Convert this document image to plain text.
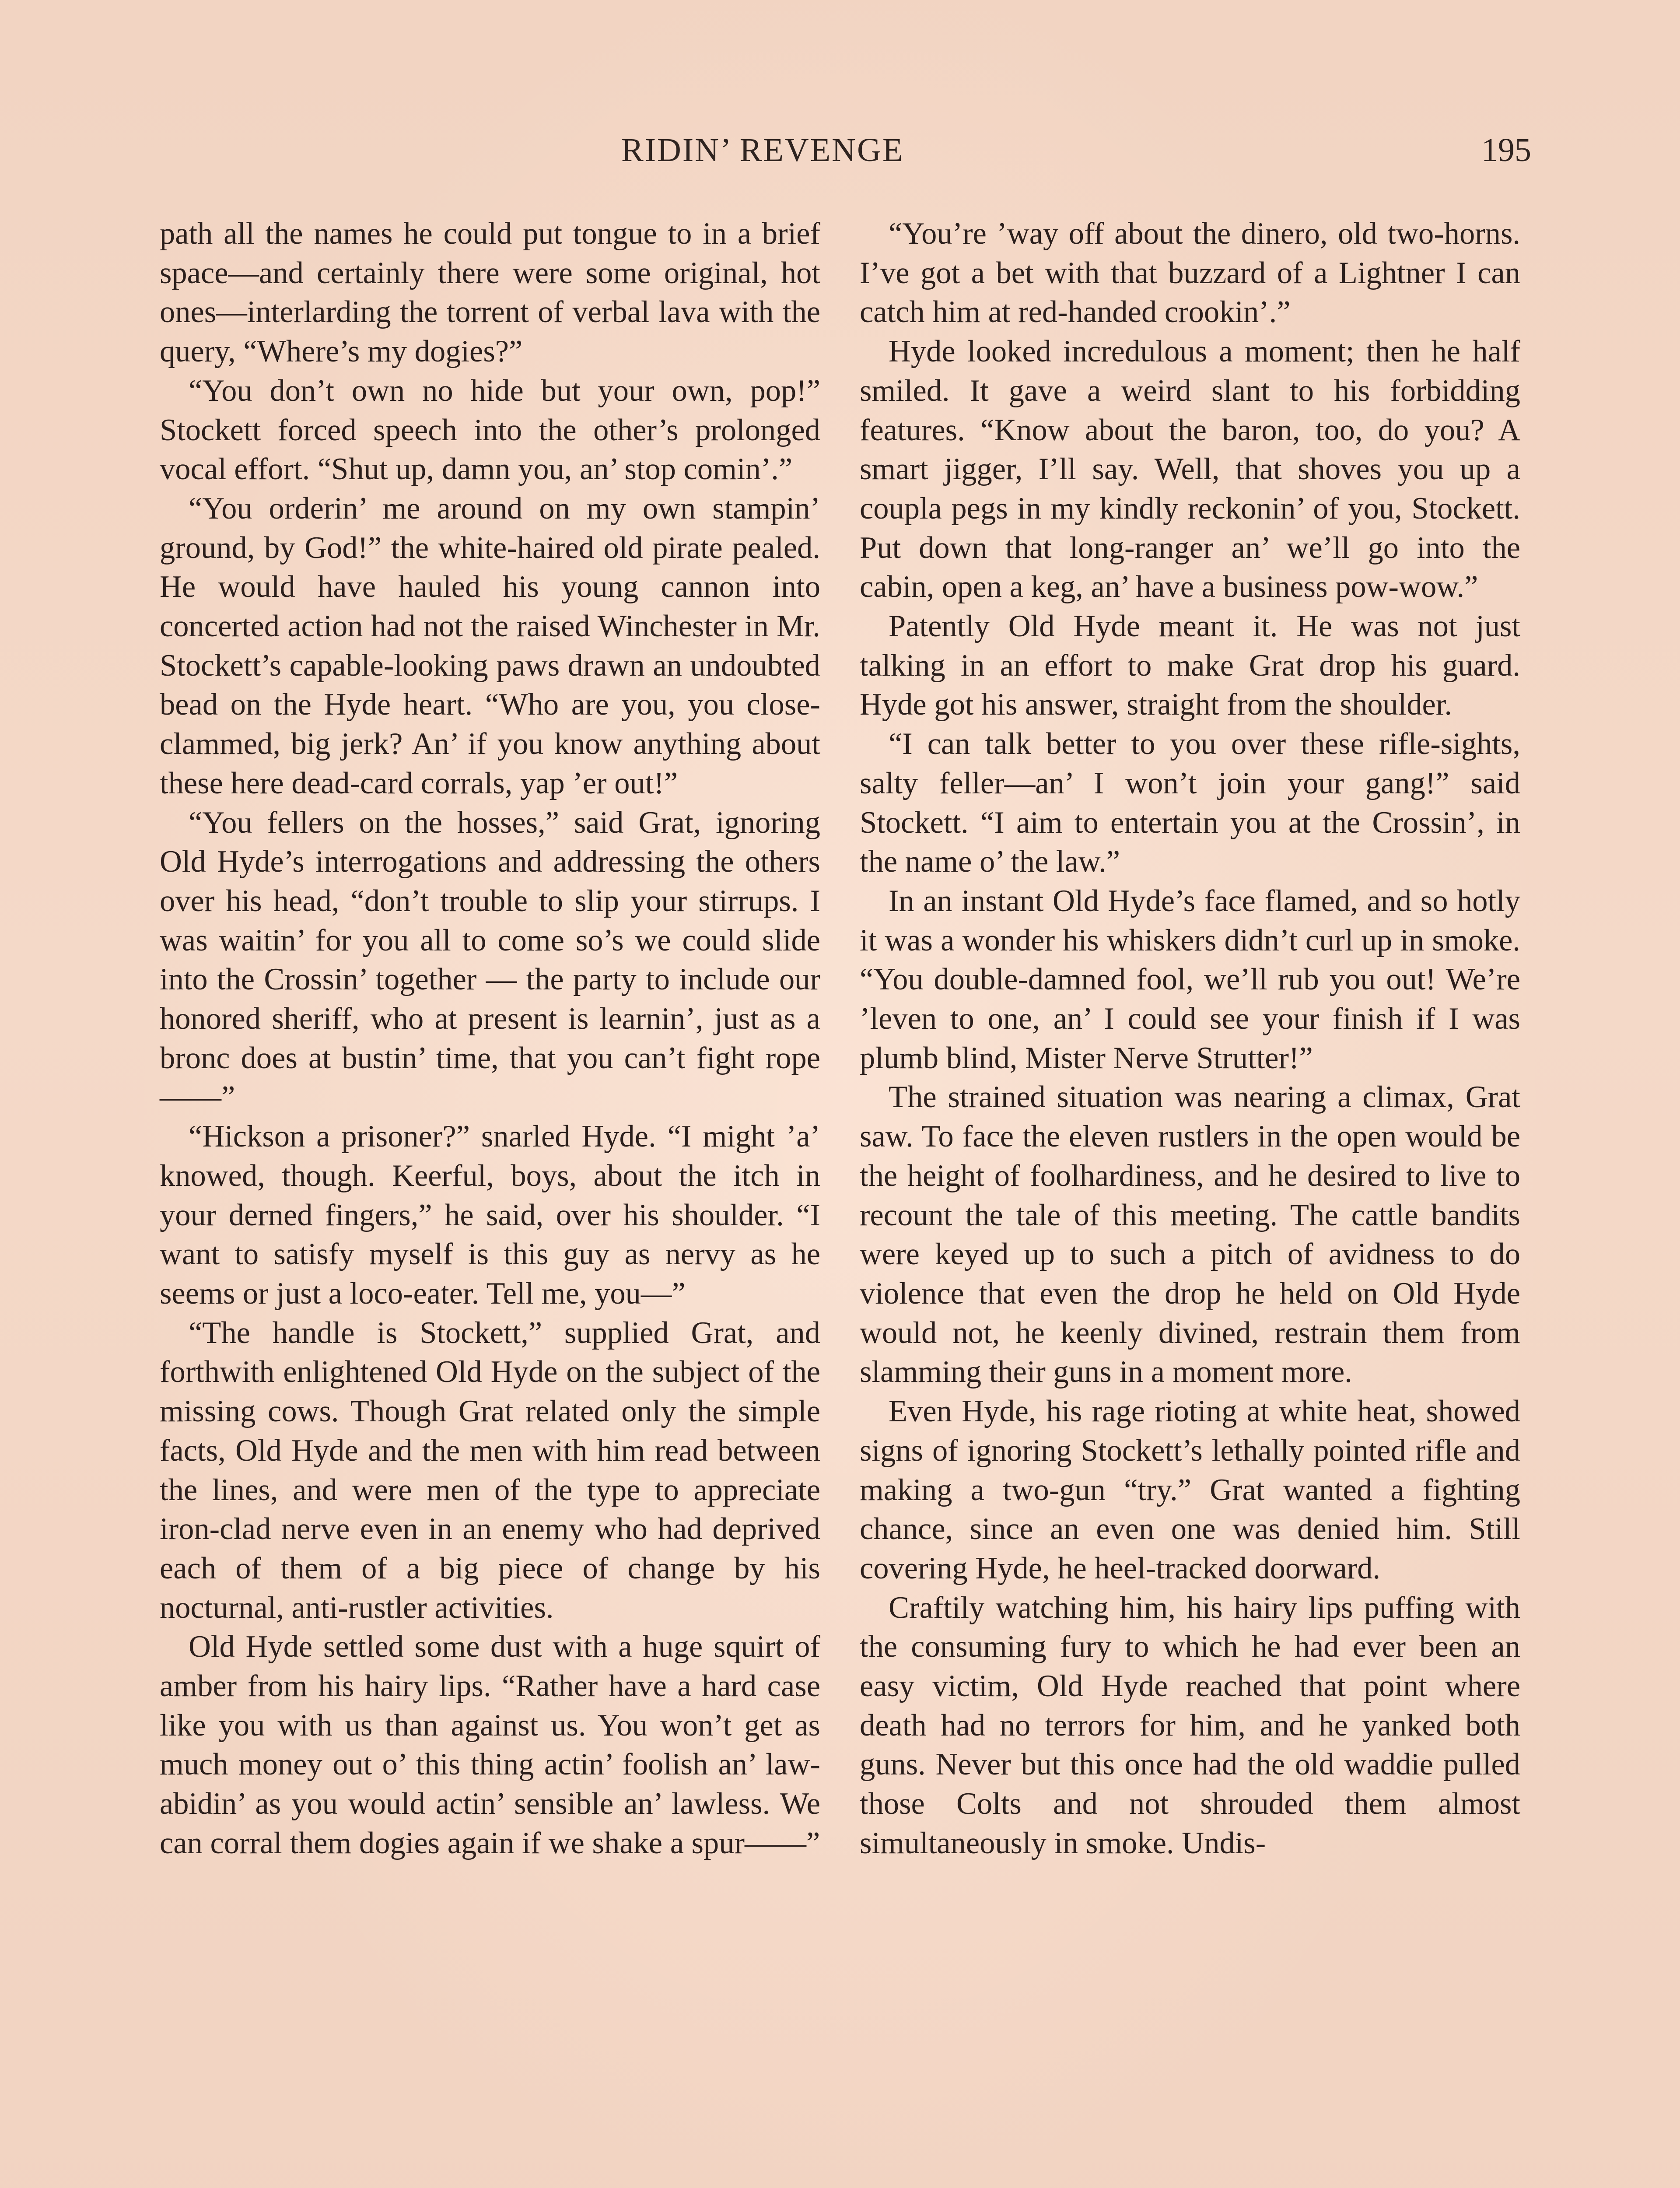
RIDIN’ REVENGE	195

path all the names he could put tongue to in a brief space—and certainly there were some original, hot ones—interlarding the torrent of verbal lava with the query, “Where’s my dogies?”

“You don’t own no hide but your own, pop!” Stockett forced speech into the other’s prolonged vocal effort. “Shut up, damn you, an’ stop comin’.”

“You orderin’ me around on my own stampin’ ground, by God!” the white-haired old pirate pealed. He would have hauled his young cannon into concerted action had not the raised Winchester in Mr. Stockett’s capable-looking paws drawn an undoubted bead on the Hyde heart. “Who are you, you close-clammed, big jerk? An’ if you know anything about these here dead-card corrals, yap ’er out!”

“You fellers on the hosses,” said Grat, ignoring Old Hyde’s interrogations and addressing the others over his head, “don’t trouble to slip your stirrups. I was waitin’ for you all to come so’s we could slide into the Crossin’ together — the party to include our honored sheriff, who at present is learnin’, just as a bronc does at bustin’ time, that you can’t fight rope——”

“Hickson a prisoner?” snarled Hyde. “I might ’a’ knowed, though. Keerful, boys, about the itch in your derned fingers,” he said, over his shoulder. “I want to satisfy myself is this guy as nervy as he seems or just a loco-eater. Tell me, you—”

“The handle is Stockett,” supplied Grat, and forthwith enlightened Old Hyde on the subject of the missing cows. Though Grat related only the simple facts, Old Hyde and the men with him read between the lines, and were men of the type to appreciate iron-clad nerve even in an enemy who had deprived each of them of a big piece of change by his nocturnal, anti-rustler activities.

Old Hyde settled some dust with a huge squirt of amber from his hairy lips. “Rather have a hard case like you with us than against us. You won’t get as much money out o’ this thing actin’ foolish an’ law-abidin’ as you would actin’ sensible an’ lawless. We can corral them dogies again if we shake a spur——”

“You’re ’way off about the dinero, old two-horns. I’ve got a bet with that buzzard of a Lightner I can catch him at red-handed crookin’.”

Hyde looked incredulous a moment; then he half smiled. It gave a weird slant to his forbidding features. “Know about the baron, too, do you? A smart jigger, I’ll say. Well, that shoves you up a coupla pegs in my kindly reckonin’ of you, Stockett. Put down that long-ranger an’ we’ll go into the cabin, open a keg, an’ have a business pow-wow.”

Patently Old Hyde meant it. He was not just talking in an effort to make Grat drop his guard. Hyde got his answer, straight from the shoulder.

“I can talk better to you over these rifle-sights, salty feller—an’ I won’t join your gang!” said Stockett. “I aim to entertain you at the Crossin’, in the name o’ the law.”

In an instant Old Hyde’s face flamed, and so hotly it was a wonder his whiskers didn’t curl up in smoke. “You double-damned fool, we’ll rub you out! We’re ’leven to one, an’ I could see your finish if I was plumb blind, Mister Nerve Strutter!”

The strained situation was nearing a climax, Grat saw. To face the eleven rustlers in the open would be the height of foolhardiness, and he desired to live to recount the tale of this meeting. The cattle bandits were keyed up to such a pitch of avidness to do violence that even the drop he held on Old Hyde would not, he keenly divined, restrain them from slamming their guns in a moment more.

Even Hyde, his rage rioting at white heat, showed signs of ignoring Stockett’s lethally pointed rifle and making a two-gun “try.” Grat wanted a fighting chance, since an even one was denied him. Still covering Hyde, he heel-tracked doorward.

Craftily watching him, his hairy lips puffing with the consuming fury to which he had ever been an easy victim, Old Hyde reached that point where death had no terrors for him, and he yanked both guns. Never but this once had the old waddie pulled those Colts and not shrouded them almost simultaneously in smoke. Undis-
